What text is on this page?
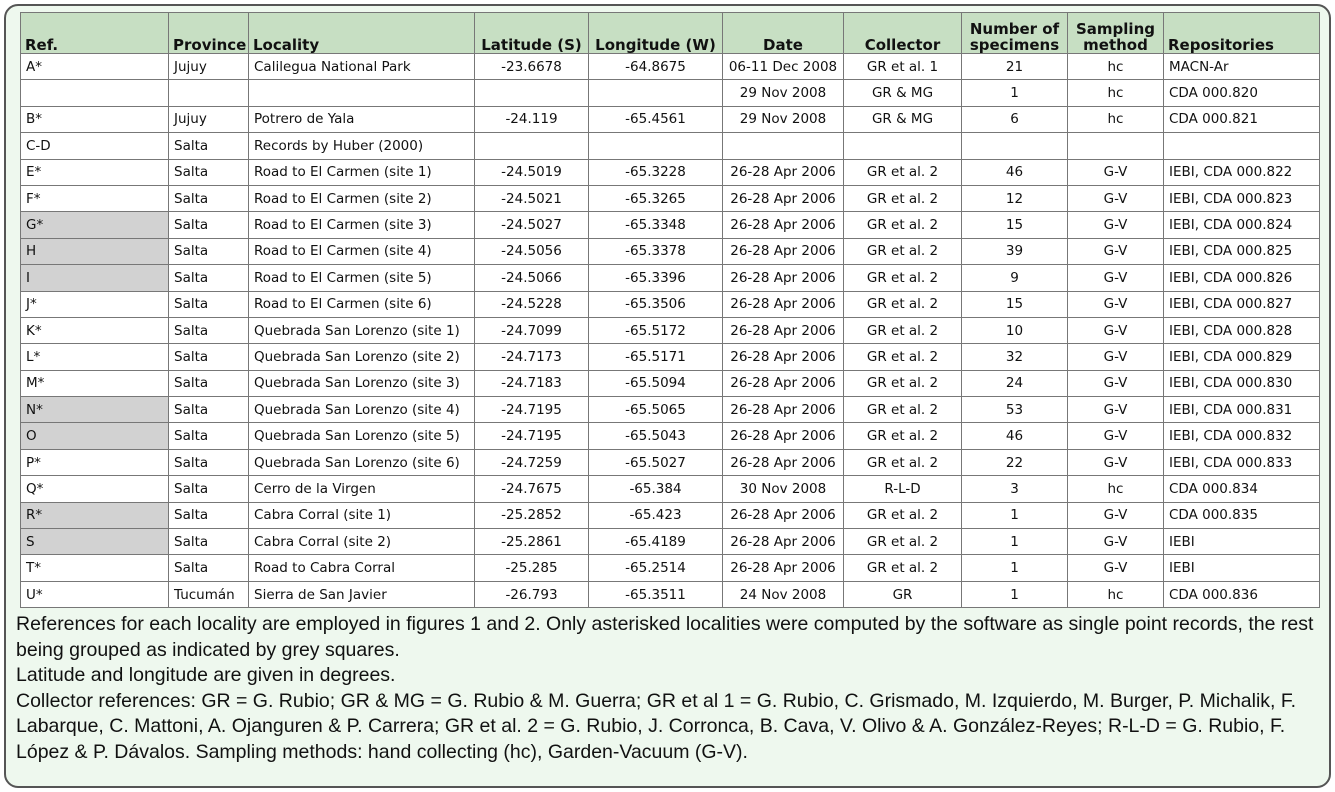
Ref.	Province	Locality	Latitude (S)	Longitude (W)	Date	Collector	Number of specimens	Sampling method	Repositories
A*	Jujuy	Calilegua National Park	-23.6678	-64.8675	06-11 Dec 2008	GR et al. 1	21	hc	MACN-Ar
					29 Nov 2008	GR & MG	1	hc	CDA 000.820
B*	Jujuy	Potrero de Yala	-24.119	-65.4561	29 Nov 2008	GR & MG	6	hc	CDA 000.821
C-D	Salta	Records by Huber (2000)							
E*	Salta	Road to El Carmen (site 1)	-24.5019	-65.3228	26-28 Apr 2006	GR et al. 2	46	G-V	IEBI, CDA 000.822
F*	Salta	Road to El Carmen (site 2)	-24.5021	-65.3265	26-28 Apr 2006	GR et al. 2	12	G-V	IEBI, CDA 000.823
G*	Salta	Road to El Carmen (site 3)	-24.5027	-65.3348	26-28 Apr 2006	GR et al. 2	15	G-V	IEBI, CDA 000.824
H	Salta	Road to El Carmen (site 4)	-24.5056	-65.3378	26-28 Apr 2006	GR et al. 2	39	G-V	IEBI, CDA 000.825
I	Salta	Road to El Carmen (site 5)	-24.5066	-65.3396	26-28 Apr 2006	GR et al. 2	9	G-V	IEBI, CDA 000.826
J*	Salta	Road to El Carmen (site 6)	-24.5228	-65.3506	26-28 Apr 2006	GR et al. 2	15	G-V	IEBI, CDA 000.827
K*	Salta	Quebrada San Lorenzo (site 1)	-24.7099	-65.5172	26-28 Apr 2006	GR et al. 2	10	G-V	IEBI, CDA 000.828
L*	Salta	Quebrada San Lorenzo (site 2)	-24.7173	-65.5171	26-28 Apr 2006	GR et al. 2	32	G-V	IEBI, CDA 000.829
M*	Salta	Quebrada San Lorenzo (site 3)	-24.7183	-65.5094	26-28 Apr 2006	GR et al. 2	24	G-V	IEBI, CDA 000.830
N*	Salta	Quebrada San Lorenzo (site 4)	-24.7195	-65.5065	26-28 Apr 2006	GR et al. 2	53	G-V	IEBI, CDA 000.831
O	Salta	Quebrada San Lorenzo (site 5)	-24.7195	-65.5043	26-28 Apr 2006	GR et al. 2	46	G-V	IEBI, CDA 000.832
P*	Salta	Quebrada San Lorenzo (site 6)	-24.7259	-65.5027	26-28 Apr 2006	GR et al. 2	22	G-V	IEBI, CDA 000.833
Q*	Salta	Cerro de la Virgen	-24.7675	-65.384	30 Nov 2008	R-L-D	3	hc	CDA 000.834
R*	Salta	Cabra Corral (site 1)	-25.2852	-65.423	26-28 Apr 2006	GR et al. 2	1	G-V	CDA 000.835
S	Salta	Cabra Corral (site 2)	-25.2861	-65.4189	26-28 Apr 2006	GR et al. 2	1	G-V	IEBI
T*	Salta	Road to Cabra Corral	-25.285	-65.2514	26-28 Apr 2006	GR et al. 2	1	G-V	IEBI
U*	Tucumán	Sierra de San Javier	-26.793	-65.3511	24 Nov 2008	GR	1	hc	CDA 000.836

References for each locality are employed in figures 1 and 2. Only asterisked localities were computed by the software as single point records, the rest being grouped as indicated by grey squares.

Latitude and longitude are given in degrees.

Collector references: GR = G. Rubio; GR & MG = G. Rubio & M. Guerra; GR et al 1 = G. Rubio, C. Grismado, M. Izquierdo, M. Burger, P. Michalik, F. Labarque, C. Mattoni, A. Ojanguren & P. Carrera; GR et al. 2 = G. Rubio, J. Corronca, B. Cava, V. Olivo & A. González-Reyes; R-L-D = G. Rubio, F. López & P. Dávalos. Sampling methods: hand collecting (hc), Garden-Vacuum (G-V).
